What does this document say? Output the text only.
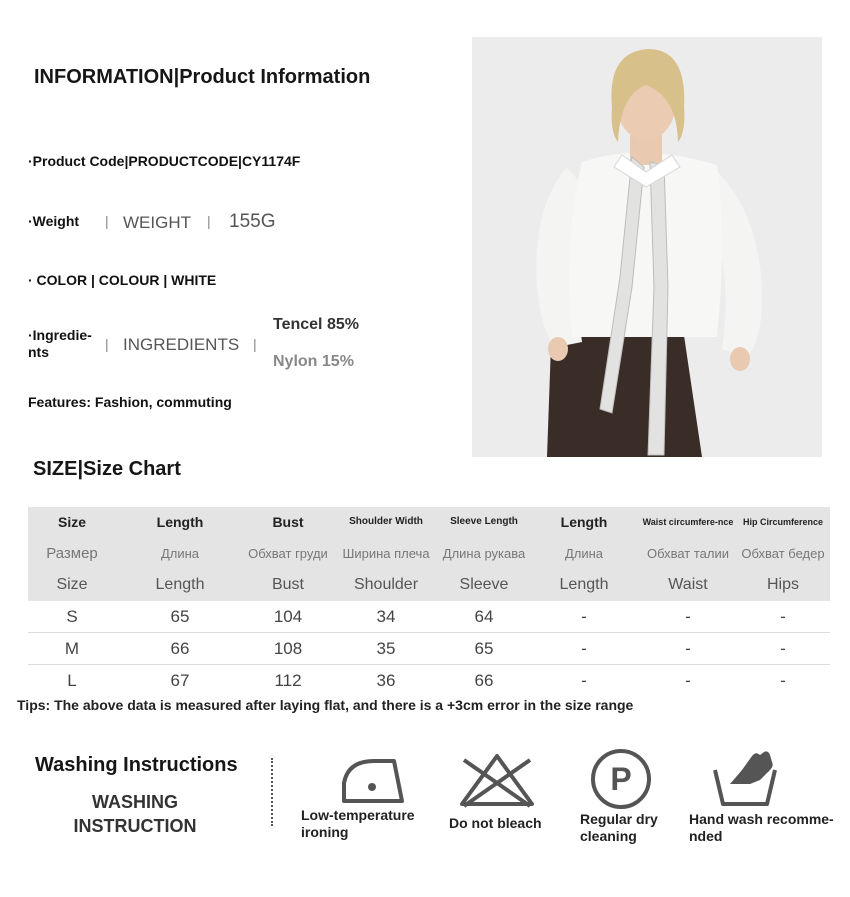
INFORMATION|Product Information
·Product Code|PRODUCTCODE|CY1174F
·Weight | WEIGHT | 155G
· COLOR | COLOUR | WHITE
·Ingredie-
nts	| INGREDIENTS |
Tencel 85%
Nylon 15%
Features: Fashion, commuting
SIZE|Size Chart
Size	Length	Bust	Shoulder Width	Sleeve Length	Length	Waist circumfere-nce	Hip Circumference
Размер	Длина	Обхват груди	Ширина плеча	Длина рукава	Длина	Обхват талии	Обхват бедер
Size	Length	Bust	Shoulder	Sleeve	Length	Waist	Hips
S	65	104	34	64	-	-	-
M	66	108	35	65	-	-	-
L	67	112	36	66	-	-	-
Tips: The above data is measured after laying flat, and there is a +3cm error in the size range
Washing Instructions
WASHING
INSTRUCTION
Low-temperature
ironing
Do not bleach
P
Regular dry
cleaning
Hand wash recomme-
nded
